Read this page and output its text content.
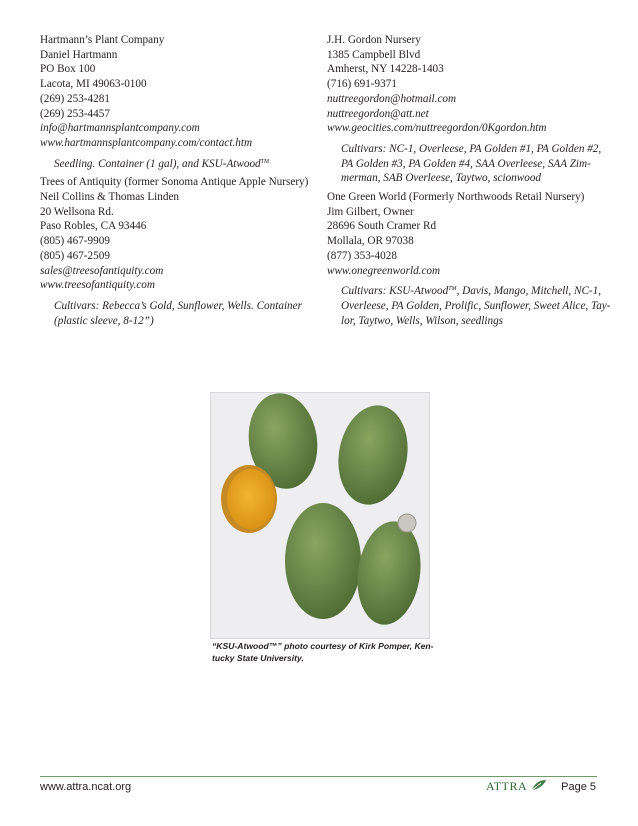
Hartmann’s Plant Company
Daniel Hartmann
PO Box 100
Lacota, MI 49063-0100
(269) 253-4281
(269) 253-4457
info@hartmannsplantcompany.com
www.hartmannsplantcompany.com/contact.htm
Seedling. Container (1 gal), and KSU-Atwood™
Trees of Antiquity (former Sonoma Antique Apple Nursery)
Neil Collins & Thomas Linden
20 Wellsona Rd.
Paso Robles, CA 93446
(805) 467-9909
(805) 467-2509
sales@treesofantiquity.com
www.treesofantiquity.com
Cultivars: Rebecca’s Gold, Sunflower, Wells. Container
(plastic sleeve, 8-12”)
J.H. Gordon Nursery
1385 Campbell Blvd
Amherst, NY 14228-1403
(716) 691-9371
nuttreegordon@hotmail.com
nuttreegordon@att.net
www.geocities.com/nuttreegordon/0Kgordon.htm
Cultivars: NC-1, Overleese, PA Golden #1, PA Golden #2,
PA Golden #3, PA Golden #4, SAA Overleese, SAA Zim-
merman, SAB Overleese, Taytwo, scionwood
One Green World (Formerly Northwoods Retail Nursery)
Jim Gilbert, Owner
28696 South Cramer Rd
Mollala, OR 97038
(877) 353-4028
www.onegreenworld.com
Cultivars: KSU-Atwood™, Davis, Mango, Mitchell, NC-1,
Overleese, PA Golden, Prolific, Sunflower, Sweet Alice, Tay-
lor, Taytwo, Wells, Wilson, seedlings
“KSU-Atwood™” photo courtesy of Kirk Pomper, Ken-
tucky State University.
www.attra.ncat.org	ATTRA	Page 5
